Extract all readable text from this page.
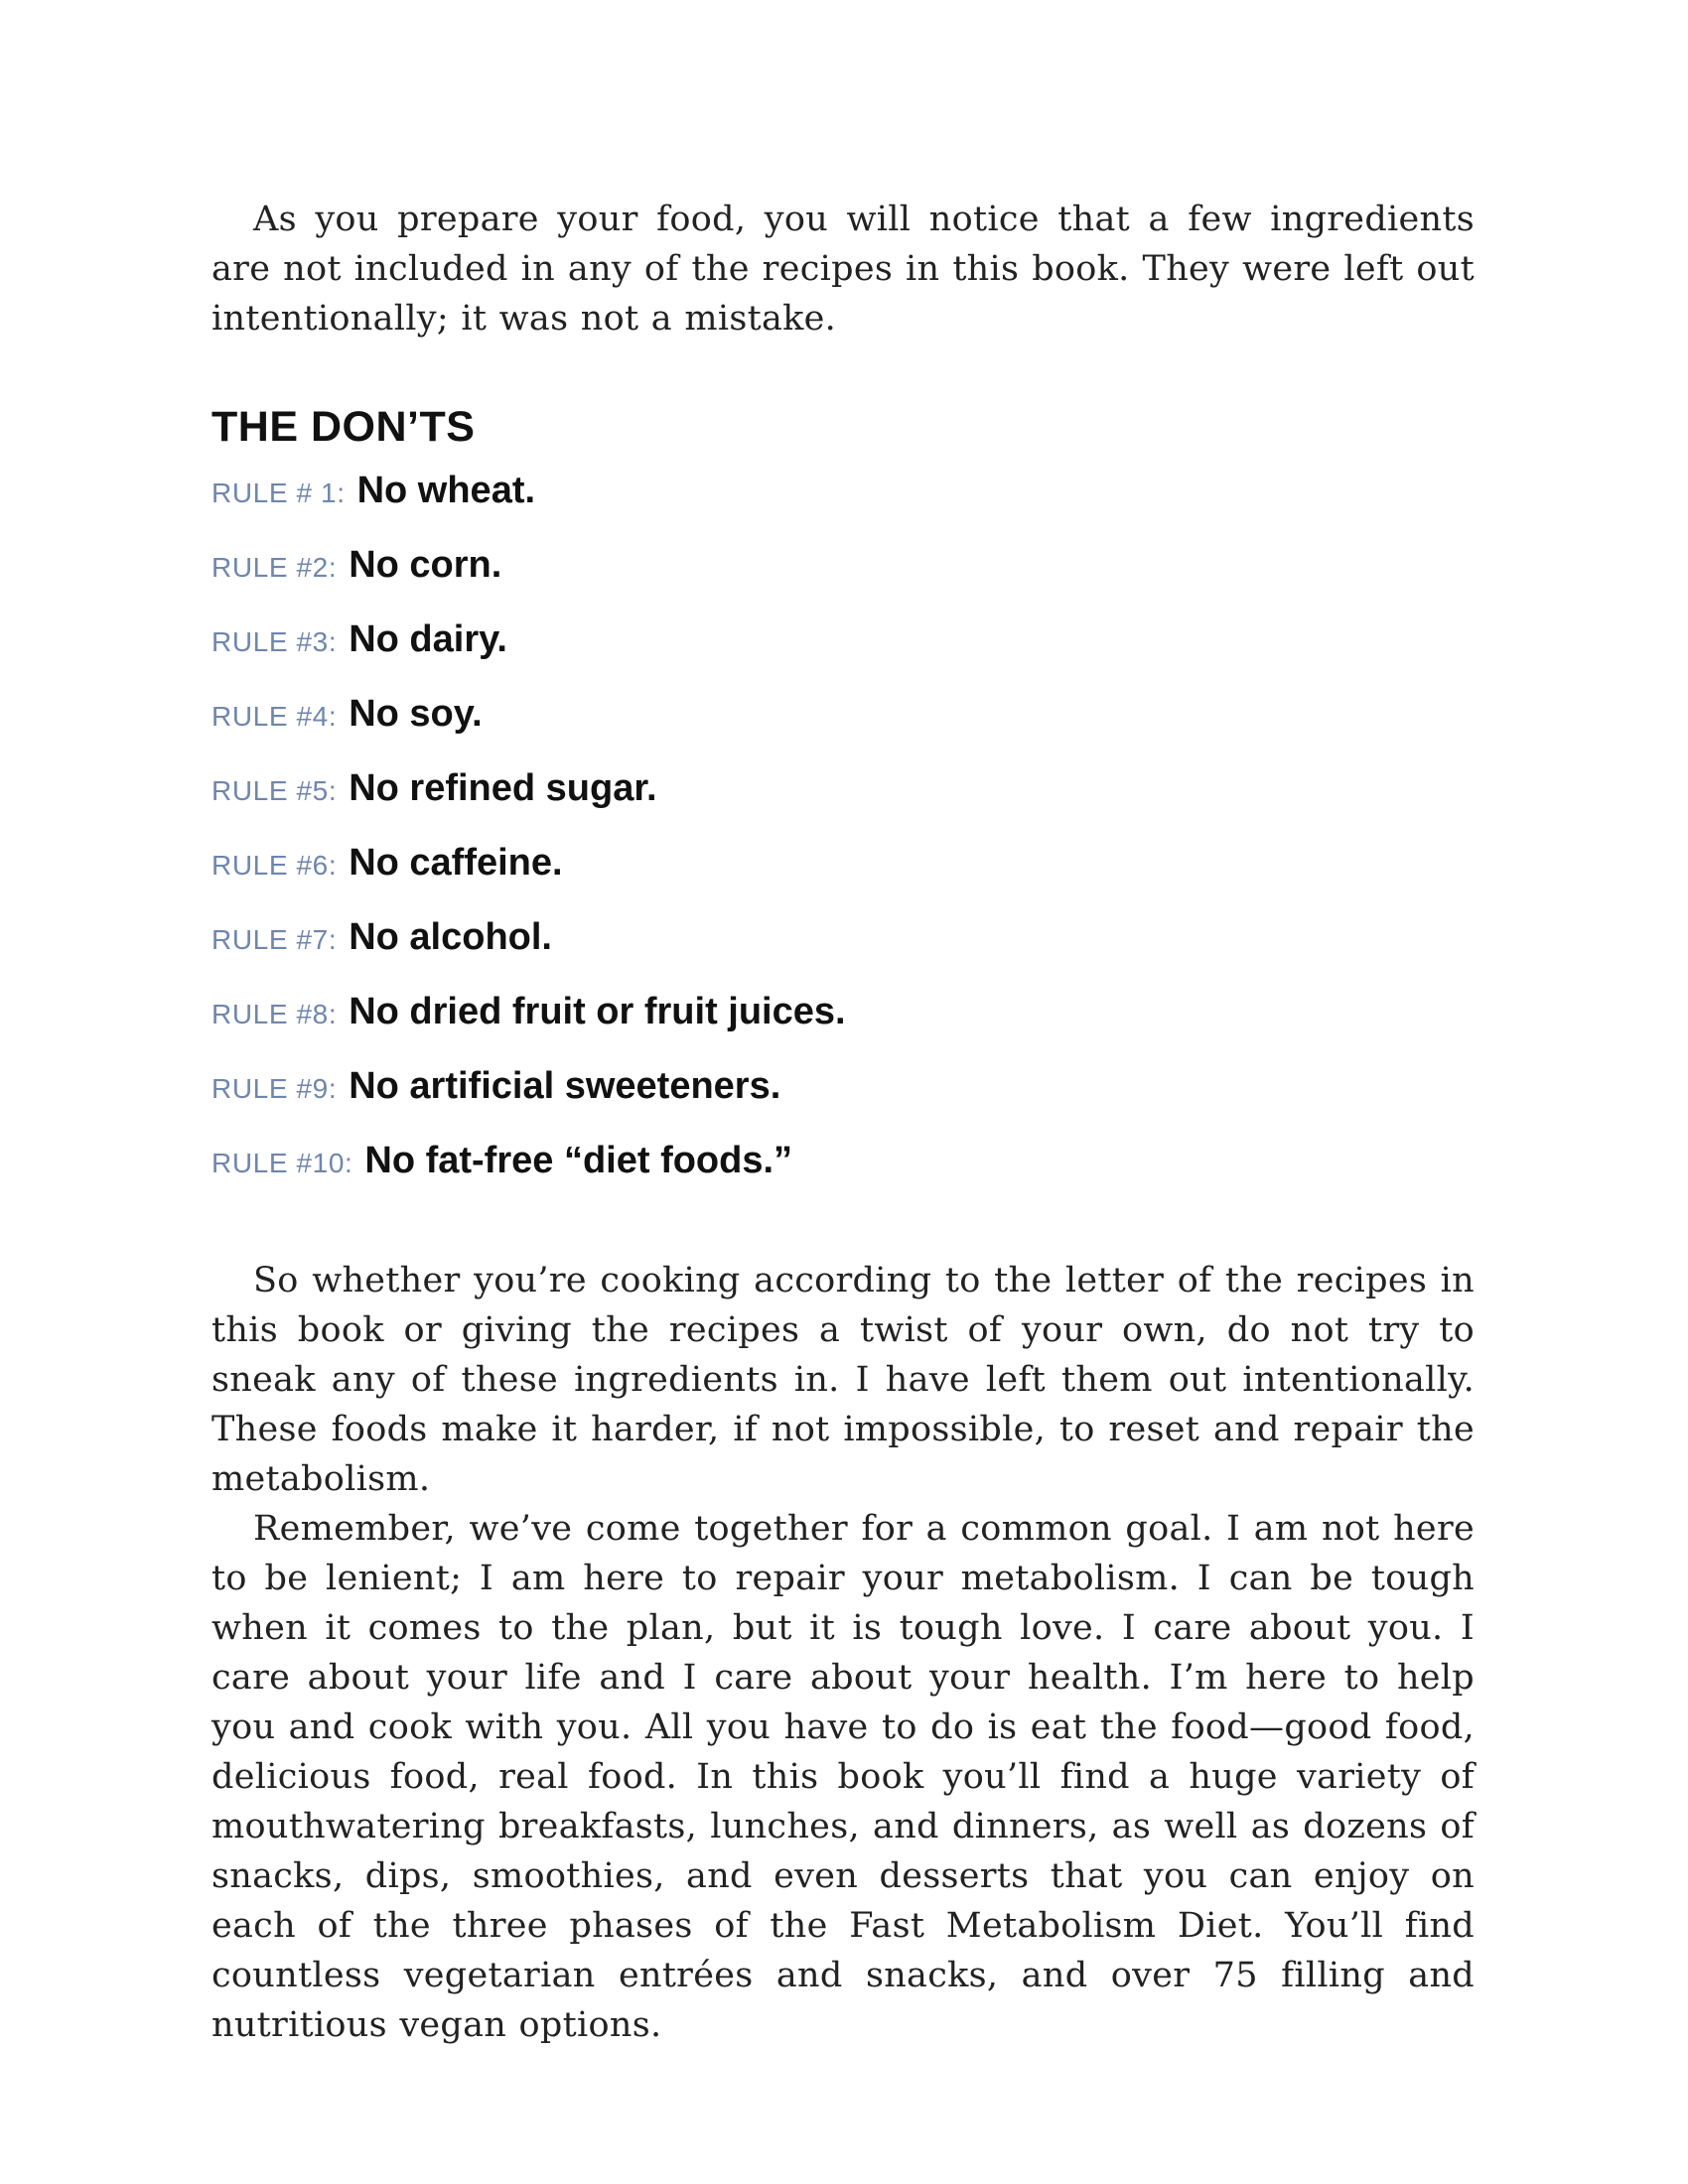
As you prepare your food, you will notice that a few ingredients are not included in any of the recipes in this book. They were left out intentionally; it was not a mistake.

THE DON’TS
RULE # 1: No wheat.
RULE #2: No corn.
RULE #3: No dairy.
RULE #4: No soy.
RULE #5: No refined sugar.
RULE #6: No caffeine.
RULE #7: No alcohol.
RULE #8: No dried fruit or fruit juices.
RULE #9: No artificial sweeteners.
RULE #10: No fat-free “diet foods.”

So whether you’re cooking according to the letter of the recipes in this book or giving the recipes a twist of your own, do not try to sneak any of these ingredients in. I have left them out intentionally. These foods make it harder, if not impossible, to reset and repair the metabolism.

Remember, we’ve come together for a common goal. I am not here to be lenient; I am here to repair your metabolism. I can be tough when it comes to the plan, but it is tough love. I care about you. I care about your life and I care about your health. I’m here to help you and cook with you. All you have to do is eat the food—good food, delicious food, real food. In this book you’ll find a huge variety of mouthwatering breakfasts, lunches, and dinners, as well as dozens of snacks, dips, smoothies, and even desserts that you can enjoy on each of the three phases of the Fast Metabolism Diet. You’ll find countless vegetarian entrées and snacks, and over 75 filling and nutritious vegan options.
